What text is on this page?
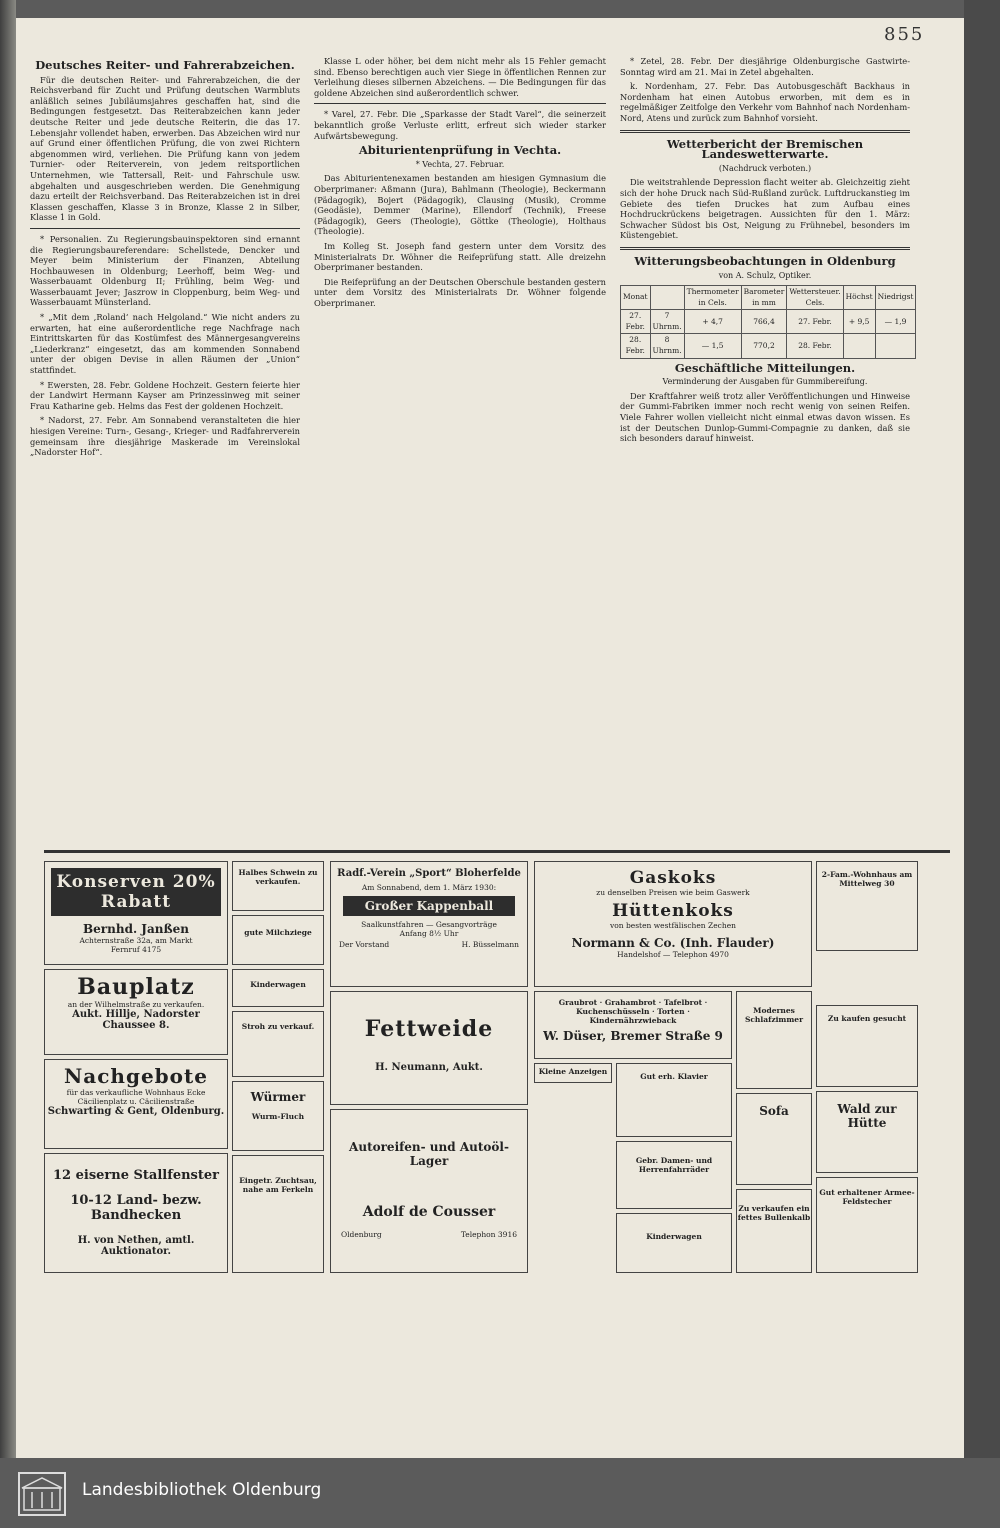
855
Deutsches Reiter- und Fahrerabzeichen.

Für die deutschen Reiter- und Fahrerabzeichen, die der Reichsverband für Zucht und Prüfung deutschen Warmbluts anläßlich seines Jubiläumsjahres geschaffen hat, sind die Bedingungen festgesetzt. Das Reiterabzeichen kann jeder deutsche Reiter und jede deutsche Reiterin, die das 17. Lebensjahr vollendet haben, erwerben. Das Abzeichen wird nur auf Grund einer öffentlichen Prüfung, die von zwei Richtern abgenommen wird, verliehen. Die Prüfung kann von jedem Turnier- oder Reiterverein, von jedem reitsportlichen Unternehmen, wie Tattersall, Reit- und Fahrschule usw. abgehalten und ausgeschrieben werden. Die Genehmigung dazu erteilt der Reichsverband. Das Reiterabzeichen ist in drei Klassen geschaffen, Klasse 3 in Bronze, Klasse 2 in Silber, Klasse 1 in Gold.

* Personalien. Zu Regierungsbauinspektoren sind ernannt die Regierungsbaureferendare: Schellstede, Dencker und Meyer beim Ministerium der Finanzen, Abteilung Hochbauwesen in Oldenburg; Leerhoff, beim Weg- und Wasserbauamt Oldenburg II; Frühling, beim Weg- und Wasserbauamt Jever; Jaszrow in Cloppenburg, beim Weg- und Wasserbauamt Münsterland.

* „Mit dem ‚Roland‘ nach Helgoland.“ Wie nicht anders zu erwarten, hat eine außerordentliche rege Nachfrage nach Eintrittskarten für das Kostümfest des Männergesangvereins „Liederkranz“ eingesetzt, das am kommenden Sonnabend unter der obigen Devise in allen Räumen der „Union“ stattfindet.

* Ewersten, 28. Febr. Goldene Hochzeit. Gestern feierte hier der Landwirt Hermann Kayser am Prinzessinweg mit seiner Frau Katharine geb. Helms das Fest der goldenen Hochzeit.

* Nadorst, 27. Febr. Am Sonnabend veranstalteten die hier hiesigen Vereine: Turn-, Gesang-, Krieger- und Radfahrerverein gemeinsam ihre diesjährige Maskerade im Vereinslokal „Nadorster Hof“.

Klasse L oder höher, bei dem nicht mehr als 15 Fehler gemacht sind. Ebenso berechtigen auch vier Siege in öffentlichen Rennen zur Verleihung dieses silbernen Abzeichens. — Die Bedingungen für das goldene Abzeichen sind außerordentlich schwer.

* Varel, 27. Febr. Die „Sparkasse der Stadt Varel“, die seinerzeit bekanntlich große Verluste erlitt, erfreut sich wieder starker Aufwärtsbewegung.

Abiturientenprüfung in Vechta.
* Vechta, 27. Februar.

Das Abiturientenexamen bestanden am hiesigen Gymnasium die Oberprimaner: Aßmann (Jura), Bahlmann (Theologie), Beckermann (Pädagogik), Bojert (Pädagogik), Clausing (Musik), Cromme (Geodäsie), Demmer (Marine), Ellendorf (Technik), Freese (Pädagogik), Geers (Theologie), Göttke (Theologie), Holthaus (Theologie).

Im Kolleg St. Joseph fand gestern unter dem Vorsitz des Ministerialrats Dr. Wöhner die Reifeprüfung statt. Alle dreizehn Oberprimaner bestanden.

Die Reifeprüfung an der Deutschen Oberschule bestanden gestern unter dem Vorsitz des Ministerialrats Dr. Wöhner folgende Oberprimaner.

* Zetel, 28. Febr. Der diesjährige Oldenburgische Gastwirte-Sonntag wird am 21. Mai in Zetel abgehalten.

k. Nordenham, 27. Febr. Das Autobusgeschäft Backhaus in Nordenham hat einen Autobus erworben, mit dem es in regelmäßiger Zeitfolge den Verkehr vom Bahnhof nach Nordenham-Nord, Atens und zurück zum Bahnhof vorsieht.

Wetterbericht der Bremischen Landeswetterwarte.
(Nachdruck verboten.)

Die weitstrahlende Depression flacht weiter ab. Gleichzeitig zieht sich der hohe Druck nach Süd-Rußland zurück. Luftdruckanstieg im Gebiete des tiefen Druckes hat zum Aufbau eines Hochdruckrückens beigetragen. Aussichten für den 1. März: Schwacher Südost bis Ost, Neigung zu Frühnebel, besonders im Küstengebiet.

Witterungsbeobachtungen in Oldenburg
von A. Schulz, Optiker.
Monat		Thermometer in Cels.	Barometer in mm	Wettersteuer. Cels.	Höchst	Niedrigst
27. Febr.	7 Uhrnm.	+ 4,7	766,4	27. Febr.	+ 9,5	— 1,9
28. Febr.	8 Uhrnm.	— 1,5	770,2	28. Febr.		
Geschäftliche Mitteilungen.
Verminderung der Ausgaben für Gummibereifung.

Der Kraftfahrer weiß trotz aller Veröffentlichungen und Hinweise der Gummi-Fabriken immer noch recht wenig von seinen Reifen. Viele Fahrer wollen vielleicht nicht einmal etwas davon wissen. Es ist der Deutschen Dunlop-Gummi-Compagnie zu danken, daß sie sich besonders darauf hinweist.

Konserven 20% Rabatt
Bernhd. Janßen
Achternstraße 32a, am Markt
Fernruf 4175
Bauplatz
an der Wilhelmstraße zu verkaufen.
Aukt. Hillje, Nadorster Chaussee 8.
Nachgebote
für das verkaufliche Wohnhaus Ecke Cäcilienplatz u. Cäcilienstraße
Schwarting & Gent, Oldenburg.
12 eiserne Stallfenster
10-12 Land- bezw. Bandhecken
H. von Nethen, amtl. Auktionator.
Halbes Schwein zu verkaufen.
gute Milchziege
Kinderwagen
Stroh zu verkauf.
Würmer
Wurm-Fluch
Eingetr. Zuchtsau, nahe am Ferkeln
Radf.-Verein „Sport“ Bloherfelde
Am Sonnabend, dem 1. März 1930:
Großer Kappenball
Saalkunstfahren — Gesangvorträge
Anfang 8½ Uhr
Der Vorstand	H. Büsselmann
Fettweide
H. Neumann, Aukt.
Autoreifen- und Autoöl-Lager
Adolf de Cousser
Oldenburg	Telephon 3916
Gaskoks
zu denselben Preisen wie beim Gaswerk
Hüttenkoks
von besten westfälischen Zechen
Normann & Co. (Inh. Flauder)
Handelshof — Telephon 4970
Graubrot · Grahambrot · Tafelbrot · Kuchenschüsseln · Torten · Kindernährzwieback
W. Düser, Bremer Straße 9
Kleine Anzeigen
Gut erh. Klavier
Gebr. Damen- und Herrenfahrräder
Kinderwagen
Modernes Schlafzimmer
Sofa
Zu verkaufen ein fettes Bullenkalb
2-Fam.-Wohnhaus am Mittelweg 30
Zu kaufen gesucht
Wald zur Hütte
Gut erhaltener Armee-Feldstecher
Landesbibliothek Oldenburg
